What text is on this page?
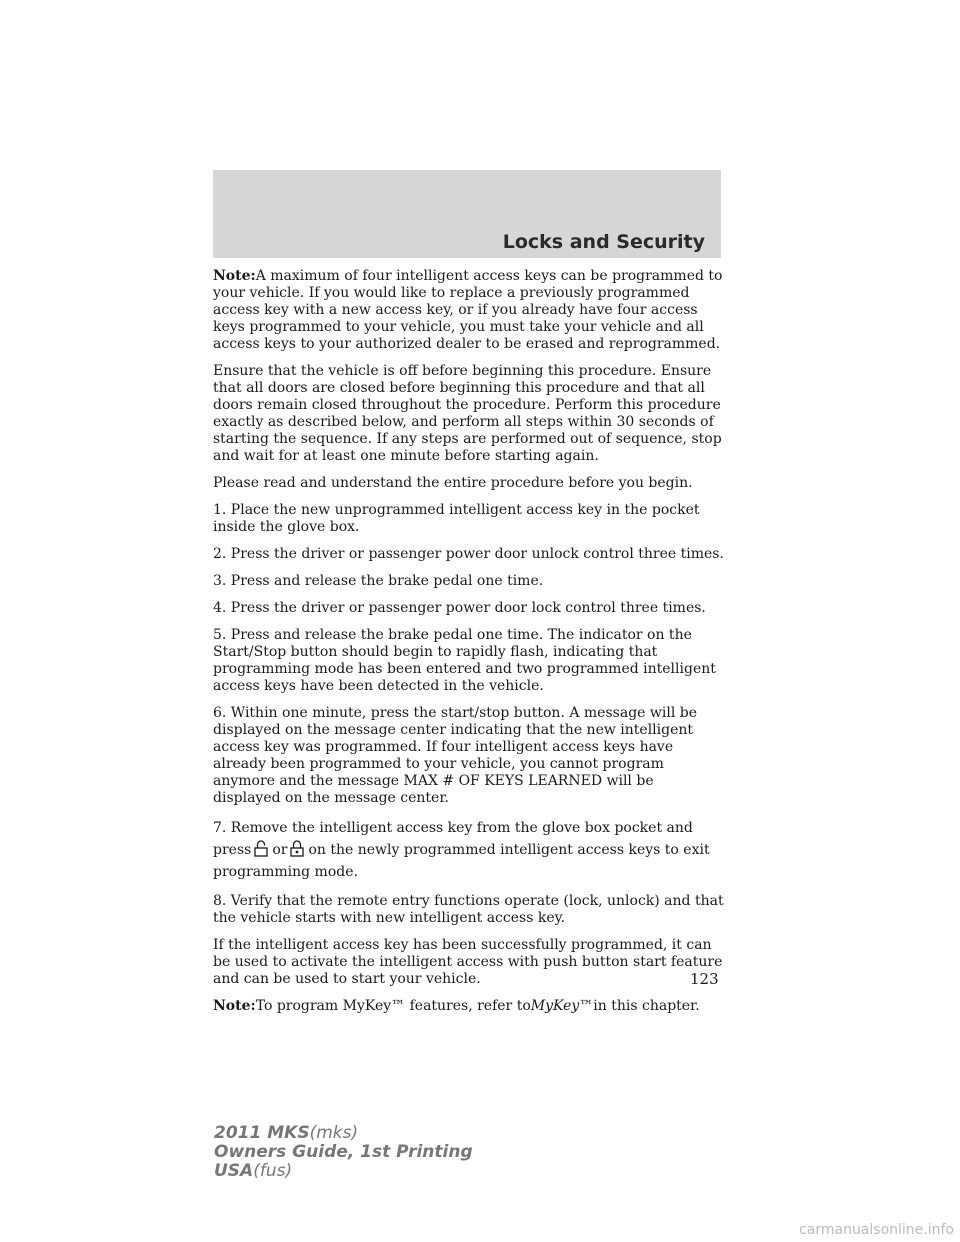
Locks and Security

Note:A maximum of four intelligent access keys can be programmed to your vehicle. If you would like to replace a previously programmed access key with a new access key, or if you already have four access keys programmed to your vehicle, you must take your vehicle and all access keys to your authorized dealer to be erased and reprogrammed.

Ensure that the vehicle is off before beginning this procedure. Ensure that all doors are closed before beginning this procedure and that all doors remain closed throughout the procedure. Perform this procedure exactly as described below, and perform all steps within 30 seconds of starting the sequence. If any steps are performed out of sequence, stop and wait for at least one minute before starting again.

Please read and understand the entire procedure before you begin.

1. Place the new unprogrammed intelligent access key in the pocket inside the glove box.

2. Press the driver or passenger power door unlock control three times.

3. Press and release the brake pedal one time.

4. Press the driver or passenger power door lock control three times.

5. Press and release the brake pedal one time. The indicator on the Start/Stop button should begin to rapidly flash, indicating that programming mode has been entered and two programmed intelligent access keys have been detected in the vehicle.

6. Within one minute, press the start/stop button. A message will be displayed on the message center indicating that the new intelligent access key was programmed. If four intelligent access keys have already been programmed to your vehicle, you cannot program anymore and the message MAX # OF KEYS LEARNED will be displayed on the message center.

7. Remove the intelligent access key from the glove box pocket and press or on the newly programmed intelligent access keys to exit programming mode.

8. Verify that the remote entry functions operate (lock, unlock) and that the vehicle starts with new intelligent access key.

If the intelligent access key has been successfully programmed, it can be used to activate the intelligent access with push button start feature and can be used to start your vehicle.

Note:To program MyKey™ features, refer toMyKey™in this chapter.

123
2011 MKS(mks)
Owners Guide, 1st Printing
USA(fus)
carmanualsonline.info
